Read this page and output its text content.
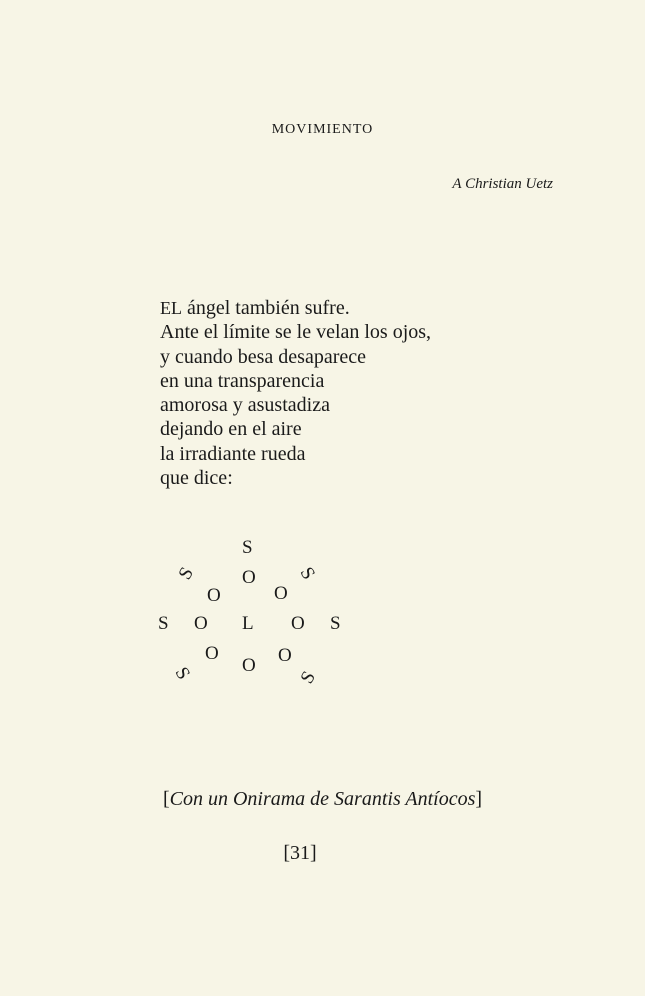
MOVIMIENTO
A Christian Uetz
EL ángel también sufre.
Ante el límite se le velan los ojos,
y cuando besa desaparece
en una transparencia
amorosa y asustadiza
dejando en el aire
la irradiante rueda
que dice:
S
S O S
O	O
S O L O S
O
O O
S	S
[Con un Onirama de Sarantis Antíocos]
[31]
